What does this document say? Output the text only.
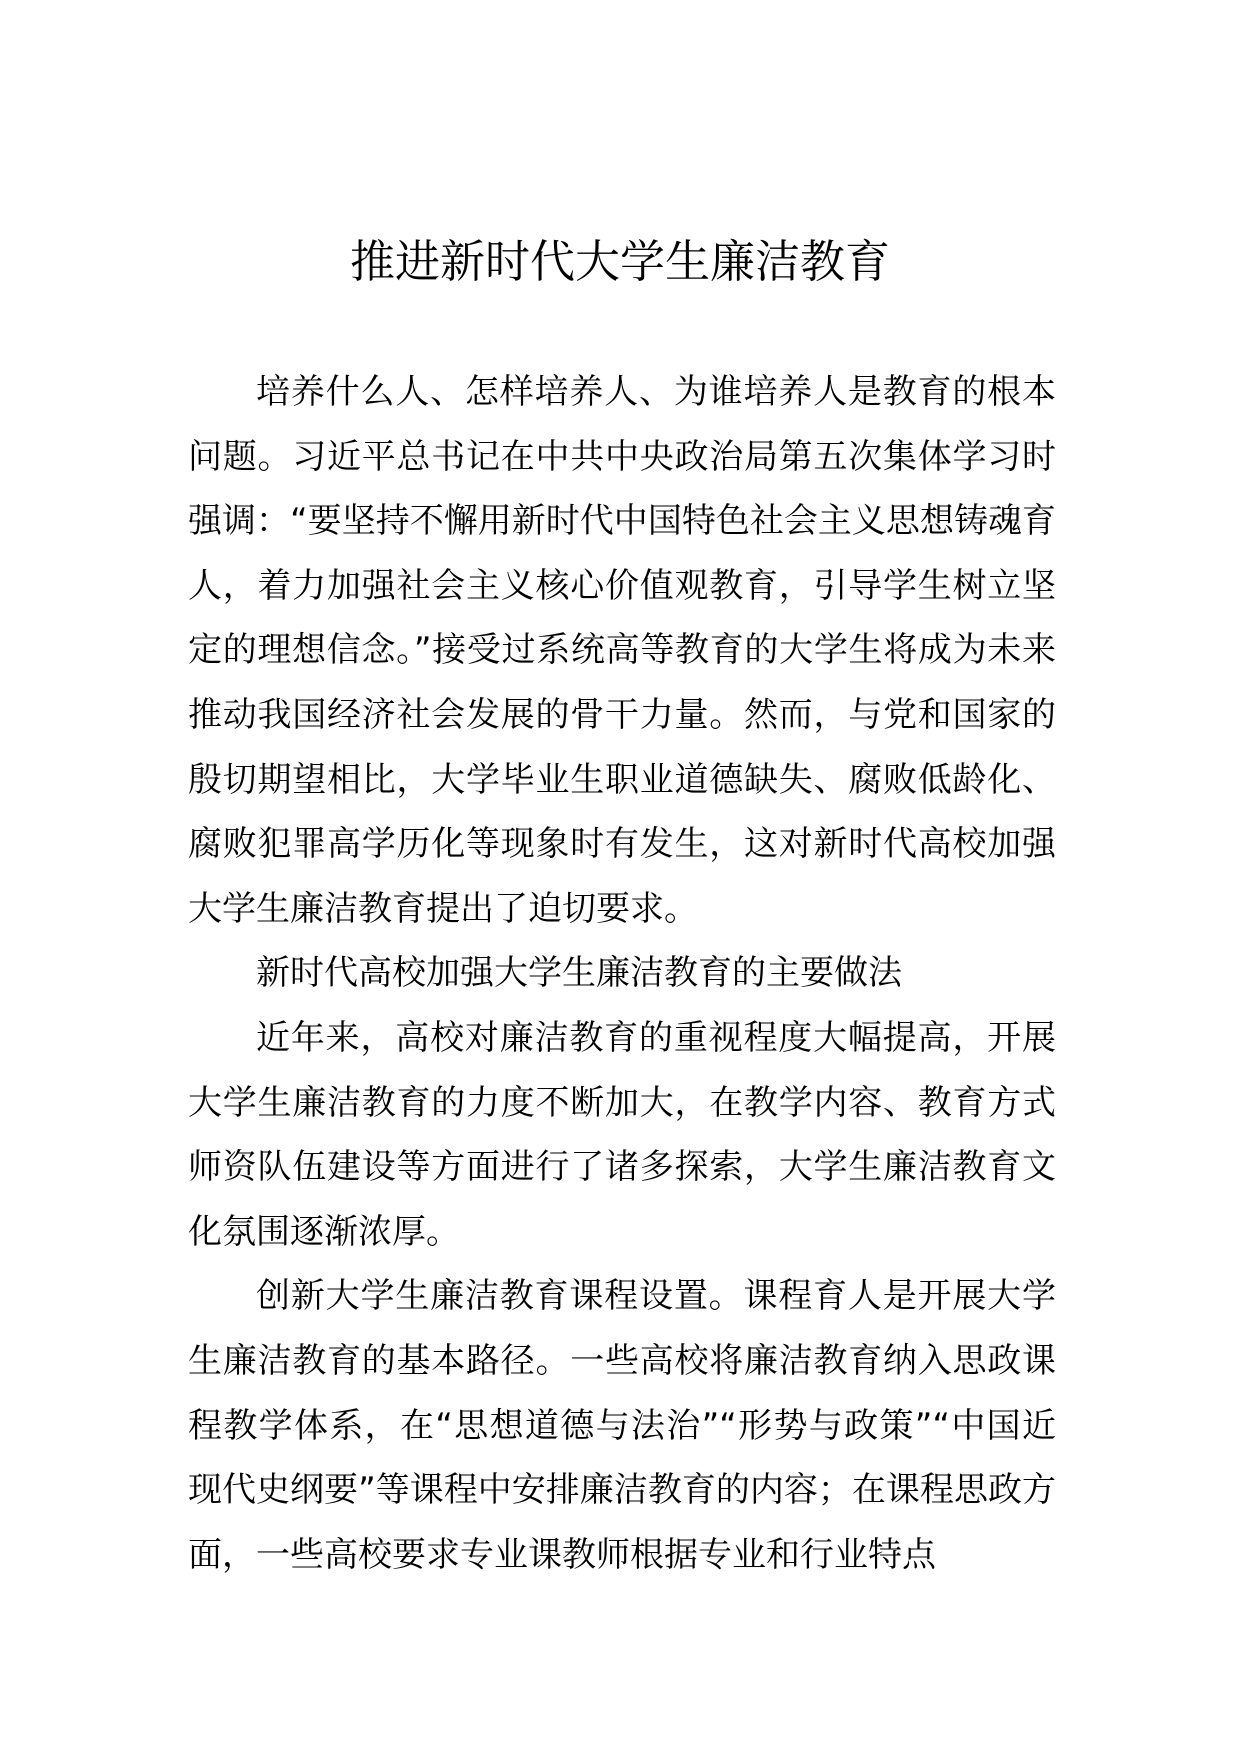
推进新时代大学生廉洁教育

培养什么人、怎样培养人、为谁培养人是教育的根本问题。习近平总书记在中共中央政治局第五次集体学习时强调：“要坚持不懈用新时代中国特色社会主义思想铸魂育人，着力加强社会主义核心价值观教育，引导学生树立坚定的理想信念。”接受过系统高等教育的大学生将成为未来推动我国经济社会发展的骨干力量。然而，与党和国家的殷切期望相比，大学毕业生职业道德缺失、腐败低龄化、腐败犯罪高学历化等现象时有发生，这对新时代高校加强大学生廉洁教育提出了迫切要求。

新时代高校加强大学生廉洁教育的主要做法

近年来，高校对廉洁教育的重视程度大幅提高，开展大学生廉洁教育的力度不断加大，在教学内容、教育方式师资队伍建设等方面进行了诸多探索，大学生廉洁教育文化氛围逐渐浓厚。

创新大学生廉洁教育课程设置。课程育人是开展大学生廉洁教育的基本路径。一些高校将廉洁教育纳入思政课程教学体系，在“思想道德与法治”“形势与政策”“中国近现代史纲要”等课程中安排廉洁教育的内容；在课程思政方面，一些高校要求专业课教师根据专业和行业特点
